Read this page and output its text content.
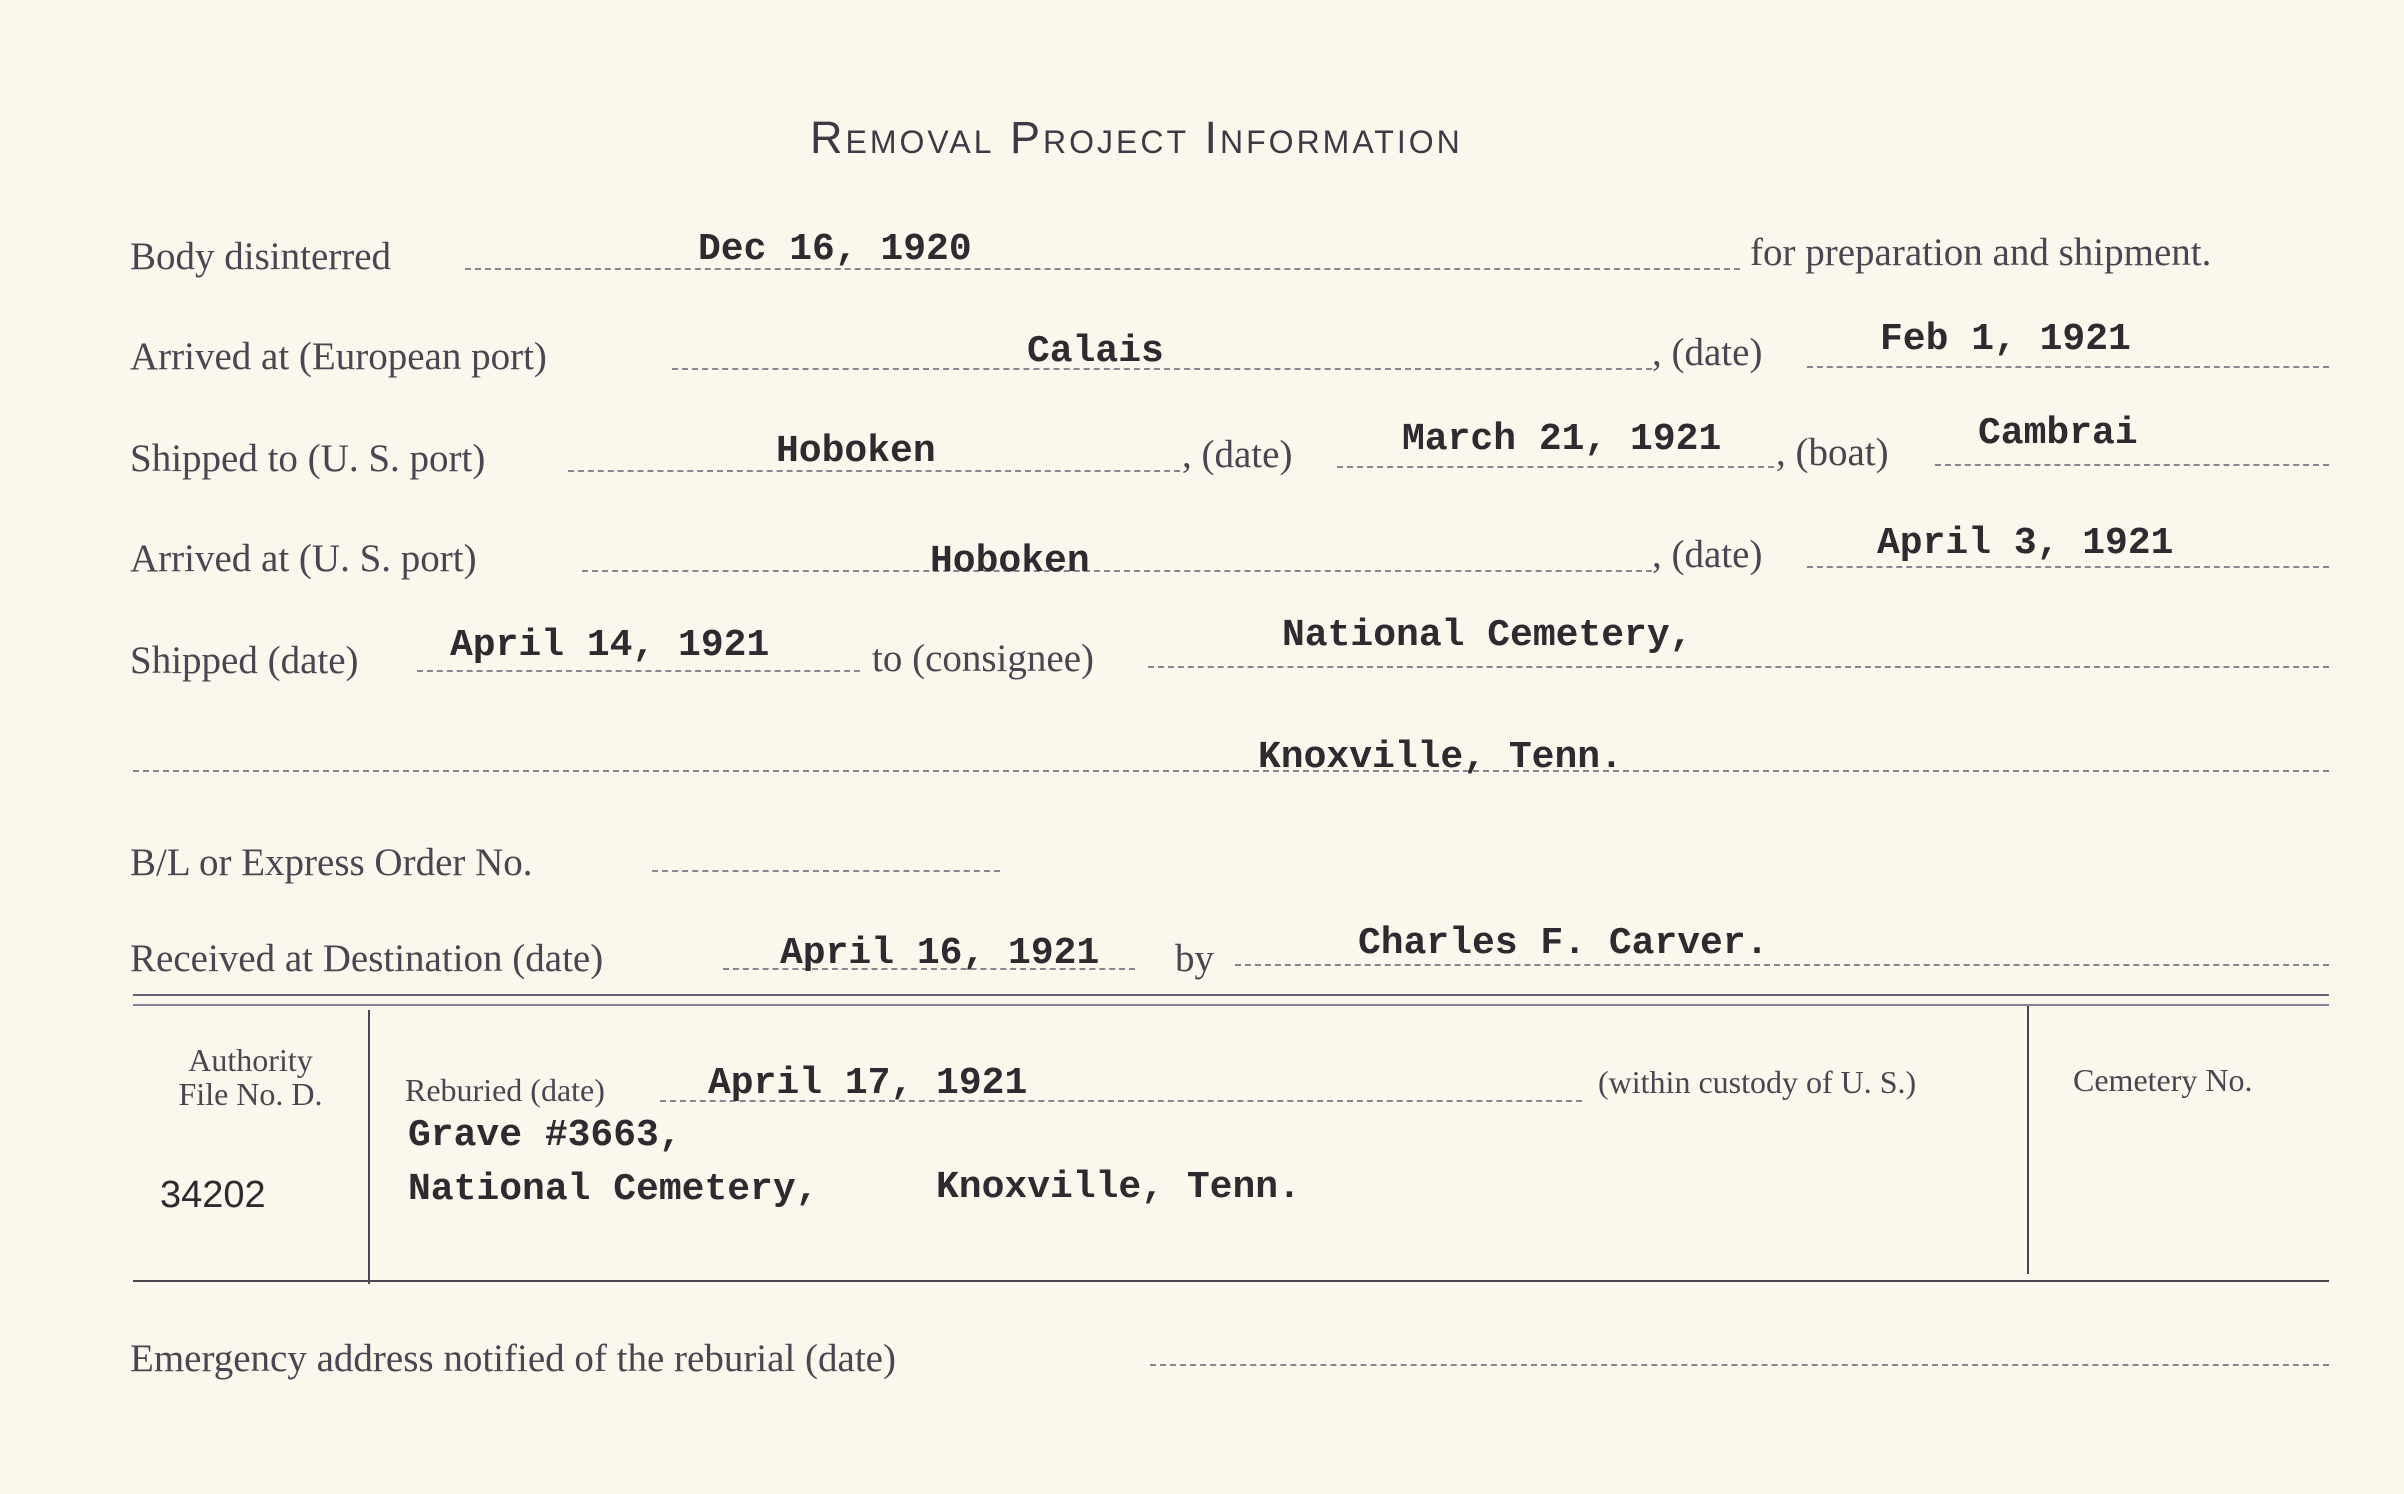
Removal Project Information
Body disinterred	Dec 16, 1920	for preparation and shipment.
Arrived at (European port)	Calais	, (date)	Feb 1, 1921
Shipped to (U. S. port)	Hoboken	, (date)	March 21, 1921 , (boat) Cambrai
Arrived at (U. S. port)	Hoboken	, (date)	April 3, 1921
Shipped (date) April 14, 1921	to (consignee)
National Cemetery,
Knoxville, Tenn.
B/L or Express Order No.
Received at Destination (date)	April 16, 1921 by	Charles F. Carver.
Authority
File No. D.
34202
Reburied (date)	April 17, 1921	(within custody of U. S.)
Grave #3663,
National Cemetery,	Knoxville, Tenn.
Cemetery No.
Emergency address notified of the reburial (date)
